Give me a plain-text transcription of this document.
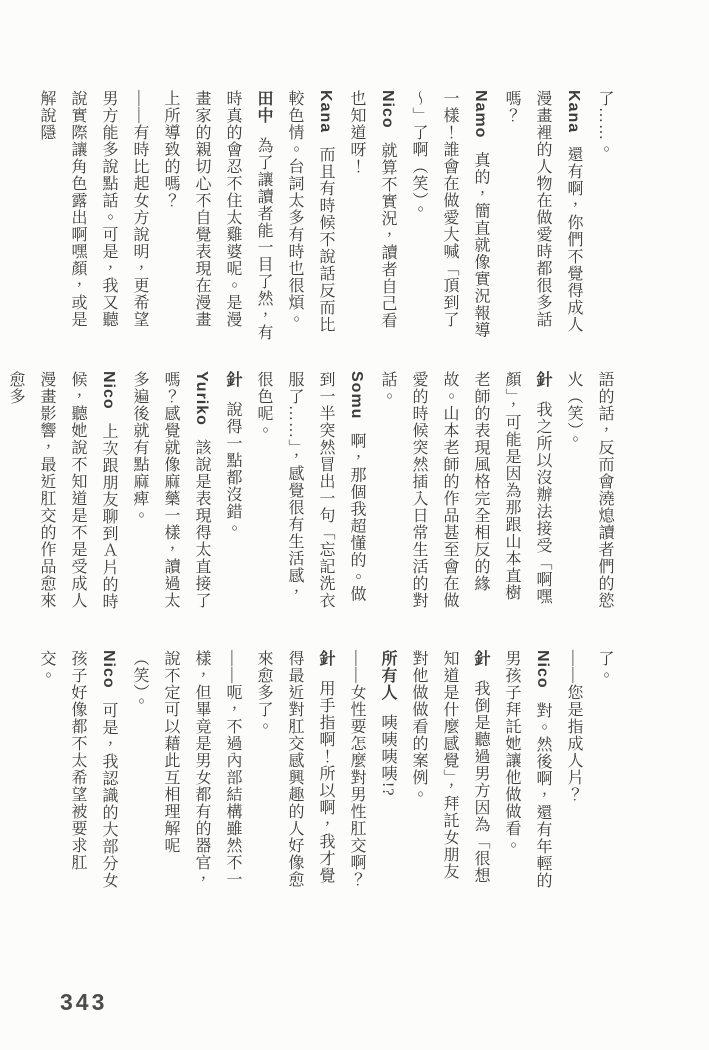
了……。

Kana還有啊，你們不覺得成人漫畫裡的人物在做愛時都很多話嗎？

Namo真的，簡直就像實況報導一樣！誰會在做愛大喊「頂到了～」了啊（笑）。

Nico就算不實況，讀者自己看也知道呀！

Kana而且有時候不說話反而比較色情。台詞太多有時也很煩。

田中為了讓讀者能一目了然，有時真的會忍不住太雞婆呢。是漫畫家的親切心不自覺表現在漫畫上所導致的嗎？

——有時比起女方說明，更希望男方能多說點話。可是，我又聽說實際讓角色露出啊嘿顏，或是解說隱

語的話，反而會澆熄讀者們的慾火（笑）。

針我之所以沒辦法接受「啊嘿顏」，可能是因為那跟山本直樹老師的表現風格完全相反的緣故。山本老師的作品甚至會在做愛的時候突然插入日常生活的對話。

Somu啊，那個我超懂的。做到一半突然冒出一句「忘記洗衣服了……」，感覺很有生活感，很色呢。

針說得一點都沒錯。

Yuriko該說是表現得太直接了嗎？感覺就像麻藥一樣，讀過太多遍後就有點麻痺。

Nico上次跟朋友聊到Ａ片的時候，聽她說不知道是不是受成人漫畫影響，最近肛交的作品愈來愈多

了。

——您是指成人片？

Nico對。然後啊，還有年輕的男孩子拜託她讓他做做看。

針我倒是聽過男方因為「很想知道是什麼感覺」，拜託女朋友對他做做看的案例。

所有人咦咦咦咦!?

——女性要怎麼對男性肛交啊？

針用手指啊！所以啊，我才覺得最近對肛交感興趣的人好像愈來愈多了。

——呃，不過內部結構雖然不一樣，但畢竟是男女都有的器官，說不定可以藉此互相理解呢（笑）。

Nico可是，我認識的大部分女孩子好像都不太希望被要求肛交。

343
